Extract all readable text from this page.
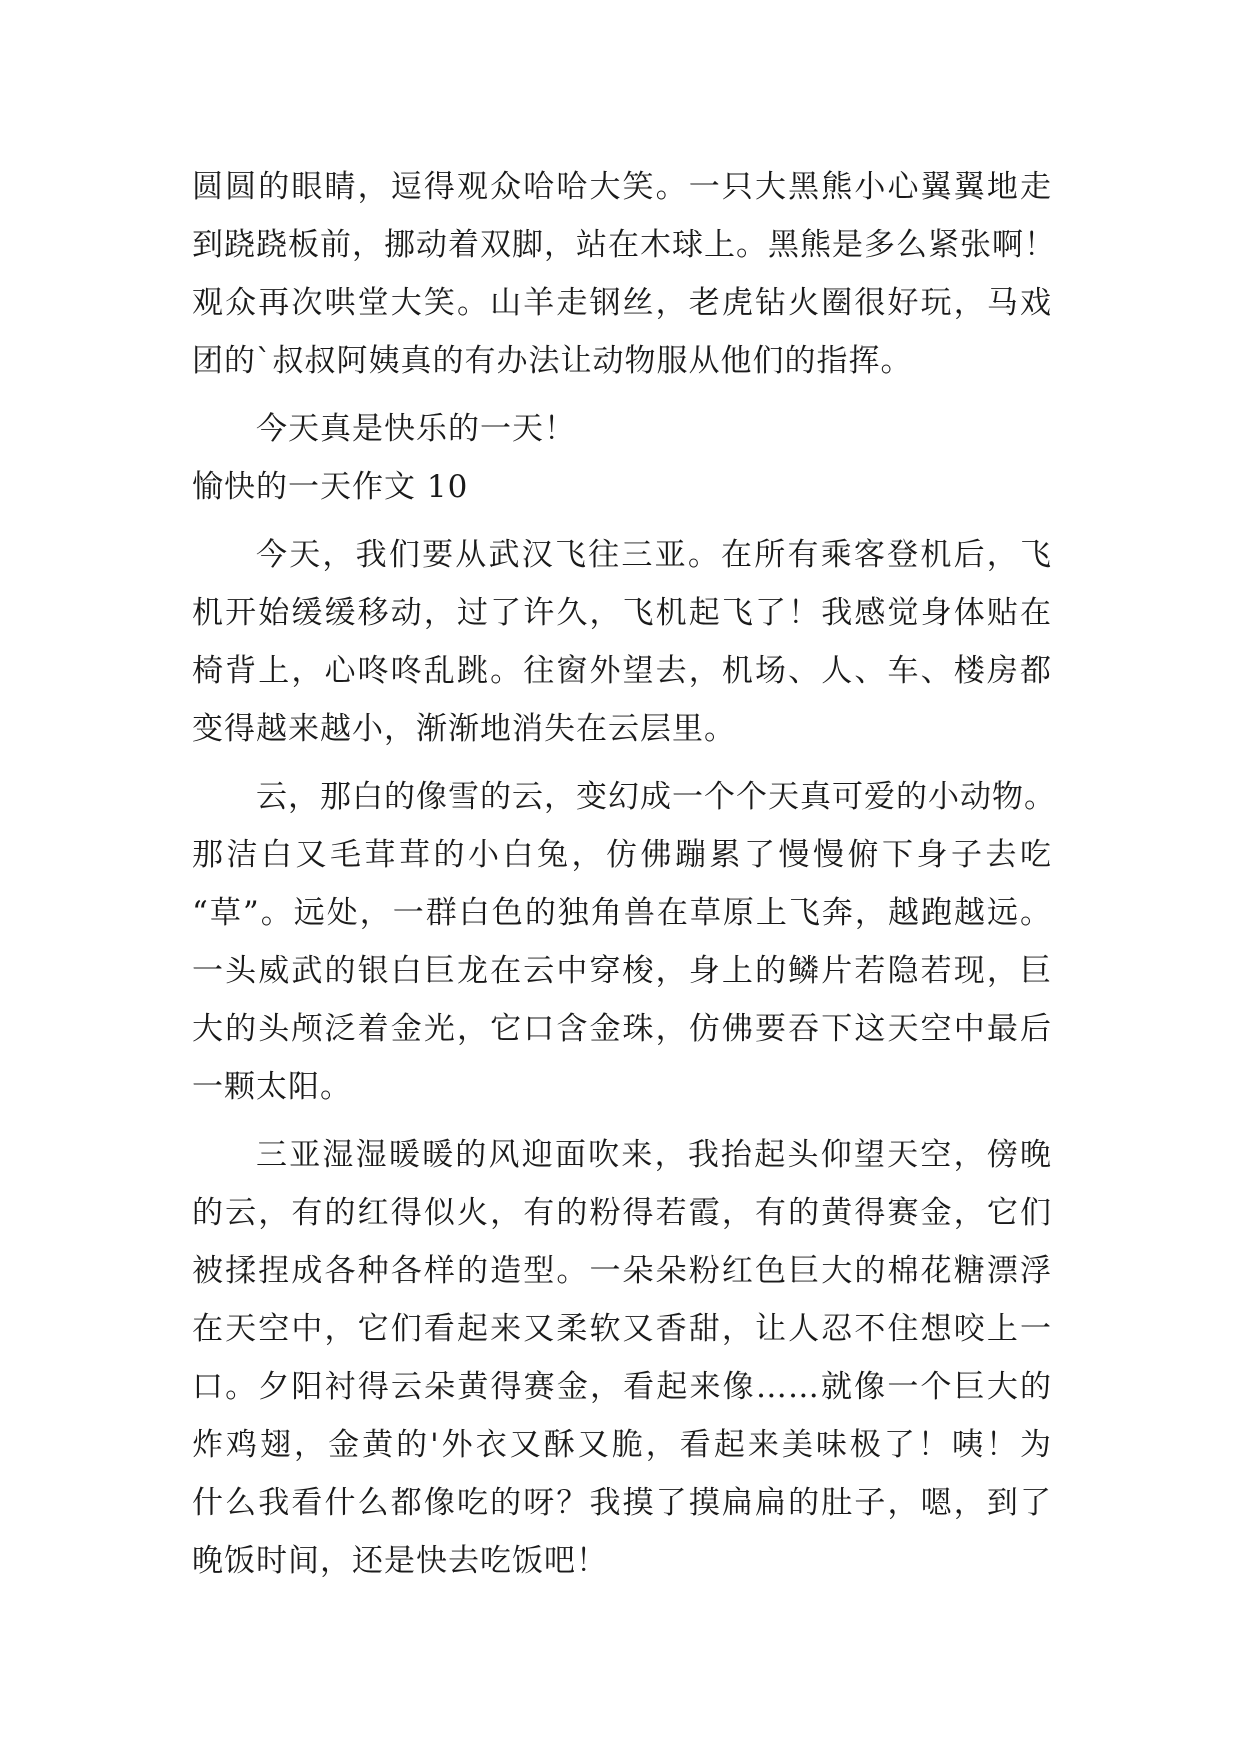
圆圆的眼睛，逗得观众哈哈大笑。一只大黑熊小心翼翼地走
到跷跷板前，挪动着双脚，站在木球上。黑熊是多么紧张啊！
观众再次哄堂大笑。山羊走钢丝，老虎钻火圈很好玩，马戏
团的`叔叔阿姨真的有办法让动物服从他们的指挥。
今天真是快乐的一天！
愉快的一天作文 10
今天，我们要从武汉飞往三亚。在所有乘客登机后，飞
机开始缓缓移动，过了许久，飞机起飞了！我感觉身体贴在
椅背上，心咚咚乱跳。往窗外望去，机场、人、车、楼房都
变得越来越小，渐渐地消失在云层里。
云，那白的像雪的云，变幻成一个个天真可爱的小动物。
那洁白又毛茸茸的小白兔，仿佛蹦累了慢慢俯下身子去吃
“草”。远处，一群白色的独角兽在草原上飞奔，越跑越远。
一头威武的银白巨龙在云中穿梭，身上的鳞片若隐若现，巨
大的头颅泛着金光，它口含金珠，仿佛要吞下这天空中最后
一颗太阳。
三亚湿湿暖暖的风迎面吹来，我抬起头仰望天空，傍晚
的云，有的红得似火，有的粉得若霞，有的黄得赛金，它们
被揉捏成各种各样的造型。一朵朵粉红色巨大的棉花糖漂浮
在天空中，它们看起来又柔软又香甜，让人忍不住想咬上一
口。夕阳衬得云朵黄得赛金，看起来像……就像一个巨大的
炸鸡翅，金黄的'外衣又酥又脆，看起来美味极了！咦！为
什么我看什么都像吃的呀？我摸了摸扁扁的肚子，嗯，到了
晚饭时间，还是快去吃饭吧！
